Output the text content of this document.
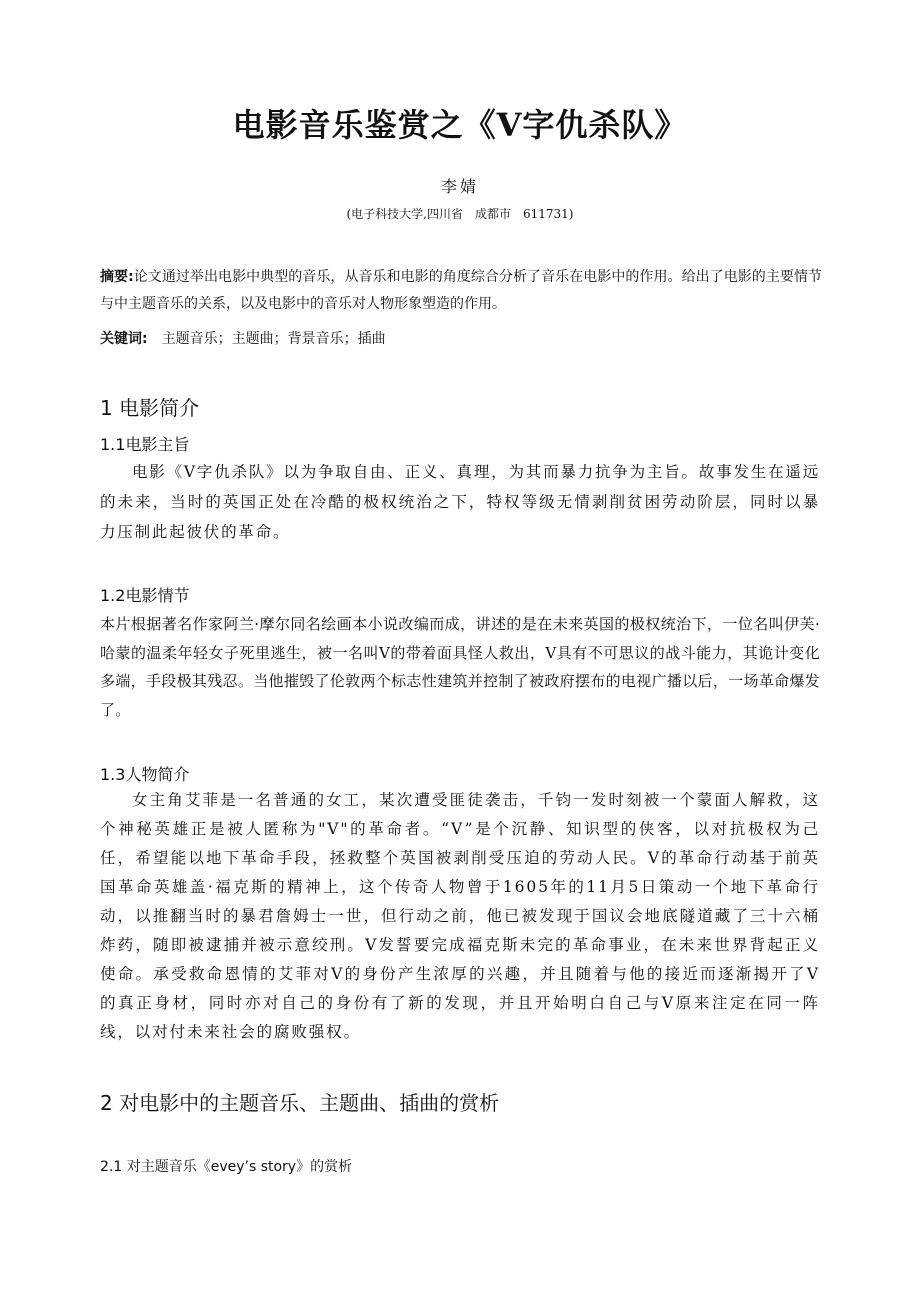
电影音乐鉴赏之《V字仇杀队》
李婧
(电子科技大学,四川省　成都市　611731)
摘要:论文通过举出电影中典型的音乐，从音乐和电影的角度综合分析了音乐在电影中的作用。给出了电影的主要情节与中主题音乐的关系，以及电影中的音乐对人物形象塑造的作用。
关键词: 主题音乐；主题曲；背景音乐；插曲
1 电影简介
1.1电影主旨
电影《V字仇杀队》以为争取自由、正义、真理，为其而暴力抗争为主旨。故事发生在遥远的未来，当时的英国正处在冷酷的极权统治之下，特权等级无情剥削贫困劳动阶层，同时以暴力压制此起彼伏的革命。
1.2电影情节
本片根据著名作家阿兰·摩尔同名绘画本小说改编而成，讲述的是在未来英国的极权统治下，一位名叫伊芙·哈蒙的温柔年轻女子死里逃生，被一名叫V的带着面具怪人救出，V具有不可思议的战斗能力，其诡计变化多端，手段极其残忍。当他摧毁了伦敦两个标志性建筑并控制了被政府摆布的电视广播以后，一场革命爆发了。
1.3人物简介
女主角艾菲是一名普通的女工，某次遭受匪徒袭击，千钧一发时刻被一个蒙面人解救，这个神秘英雄正是被人匿称为"V"的革命者。“V”是个沉静、知识型的侠客，以对抗极权为己任，希望能以地下革命手段，拯救整个英国被剥削受压迫的劳动人民。V的革命行动基于前英国革命英雄盖·福克斯的精神上，这个传奇人物曾于1605年的11月5日策动一个地下革命行动，以推翻当时的暴君詹姆士一世，但行动之前，他已被发现于国议会地底隧道藏了三十六桶炸药，随即被逮捕并被示意绞刑。V发誓要完成福克斯未完的革命事业，在未来世界背起正义使命。承受救命恩情的艾菲对V的身份产生浓厚的兴趣，并且随着与他的接近而逐渐揭开了V的真正身材，同时亦对自己的身份有了新的发现，并且开始明白自己与V原来注定在同一阵线，以对付未来社会的腐败强权。
2 对电影中的主题音乐、主题曲、插曲的赏析
2.1 对主题音乐《evey’s story》的赏析
